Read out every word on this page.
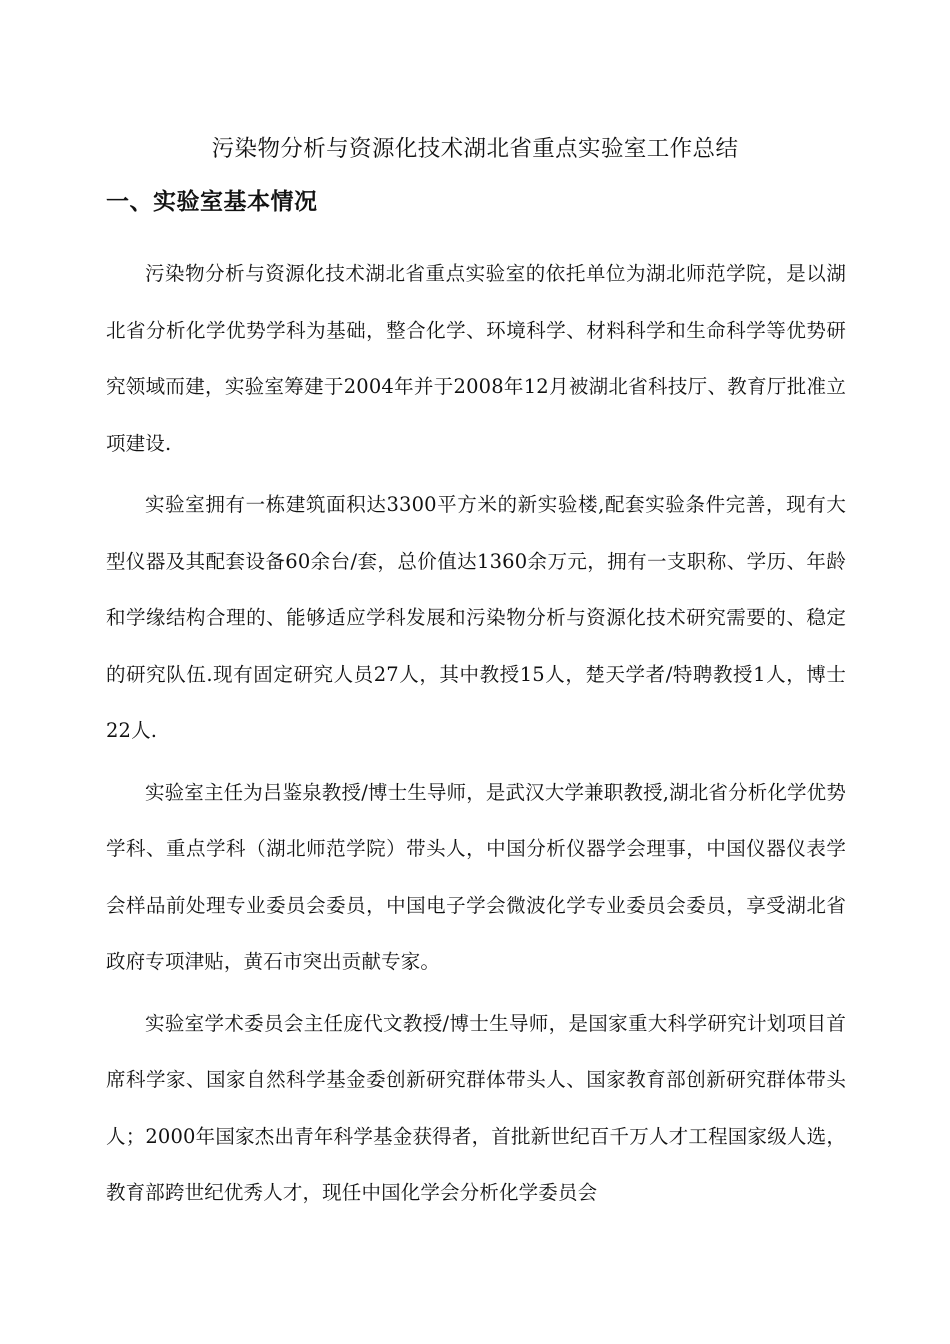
污染物分析与资源化技术湖北省重点实验室工作总结
一、实验室基本情况

污染物分析与资源化技术湖北省重点实验室的依托单位为湖北师范学院，是以湖北省分析化学优势学科为基础，整合化学、环境科学、材料科学和生命科学等优势研究领域而建，实验室筹建于2004年并于2008年12月被湖北省科技厅、教育厅批准立项建设.

实验室拥有一栋建筑面积达3300平方米的新实验楼,配套实验条件完善，现有大型仪器及其配套设备60余台/套，总价值达1360余万元，拥有一支职称、学历、年龄和学缘结构合理的、能够适应学科发展和污染物分析与资源化技术研究需要的、稳定的研究队伍.现有固定研究人员27人，其中教授15人，楚天学者/特聘教授1人，博士22人.

实验室主任为吕鉴泉教授/博士生导师，是武汉大学兼职教授,湖北省分析化学优势学科、重点学科（湖北师范学院）带头人，中国分析仪器学会理事，中国仪器仪表学会样品前处理专业委员会委员，中国电子学会微波化学专业委员会委员，享受湖北省政府专项津贴，黄石市突出贡献专家。

实验室学术委员会主任庞代文教授/博士生导师，是国家重大科学研究计划项目首席科学家、国家自然科学基金委创新研究群体带头人、国家教育部创新研究群体带头人；2000年国家杰出青年科学基金获得者，首批新世纪百千万人才工程国家级人选，教育部跨世纪优秀人才，现任中国化学会分析化学委员会
